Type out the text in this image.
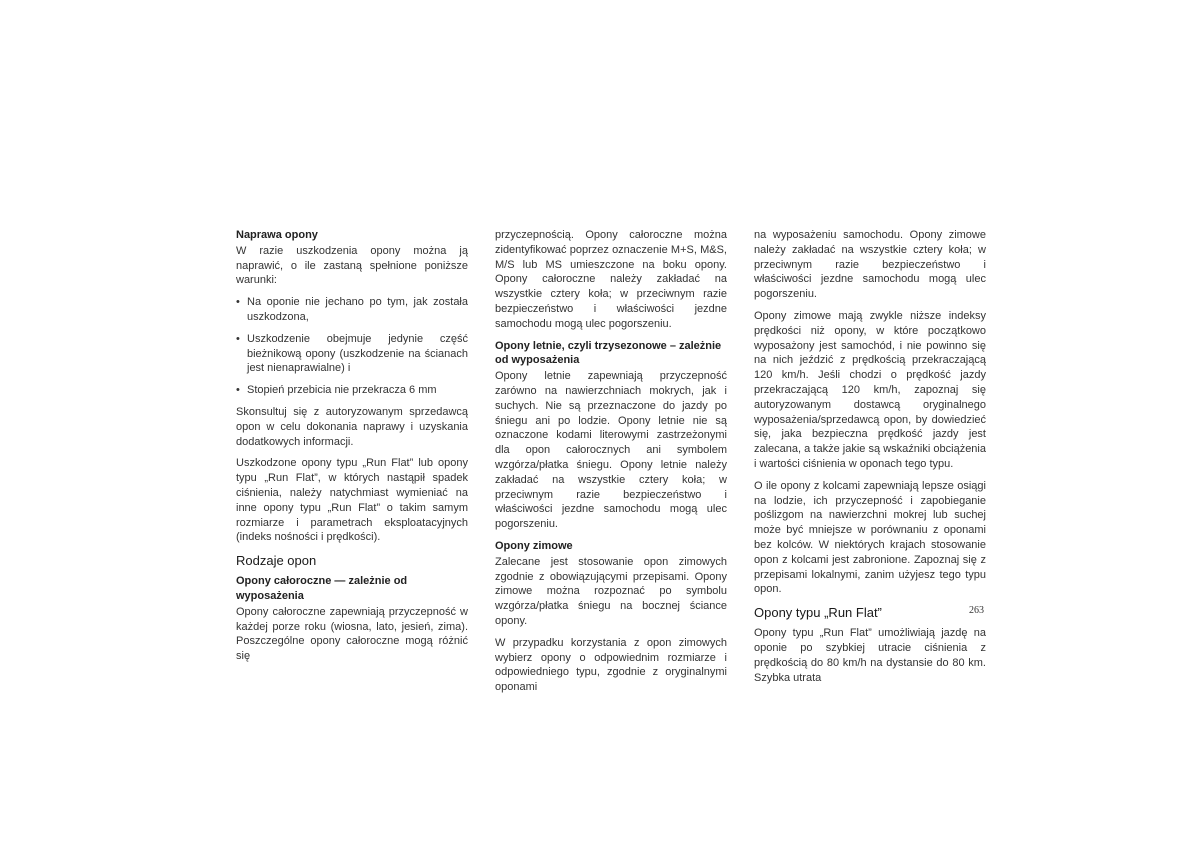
Naprawa opony

W razie uszkodzenia opony można ją naprawić, o ile zastaną spełnione poniższe warunki:

• Na oponie nie jechano po tym, jak została uszkodzona,
• Uszkodzenie obejmuje jedynie część bieżnikową opony (uszkodzenie na ścianach jest nienaprawialne) i
• Stopień przebicia nie przekracza 6 mm

Skonsultuj się z autoryzowanym sprzedawcą opon w celu dokonania naprawy i uzyskania dodatkowych informacji.

Uszkodzone opony typu „Run Flat” lub opony typu „Run Flat”, w których nastąpił spadek ciśnienia, należy natychmiast wymieniać na inne opony typu „Run Flat” o takim samym rozmiarze i parametrach eksploatacyjnych (indeks nośności i prędkości).

Rodzaje opon
Opony całoroczne — zależnie od wyposażenia

Opony całoroczne zapewniają przyczepność w każdej porze roku (wiosna, lato, jesień, zima). Poszczególne opony całoroczne mogą różnić się

przyczepnością. Opony całoroczne można zidentyfikować poprzez oznaczenie M+S, M&S, M/S lub MS umieszczone na boku opony. Opony całoroczne należy zakładać na wszystkie cztery koła; w przeciwnym razie bezpieczeństwo i właściwości jezdne samochodu mogą ulec pogorszeniu.

Opony letnie, czyli trzysezonowe – zależnie od wyposażenia

Opony letnie zapewniają przyczepność zarówno na nawierzchniach mokrych, jak i suchych. Nie są przeznaczone do jazdy po śniegu ani po lodzie. Opony letnie nie są oznaczone kodami literowymi zastrzeżonymi dla opon całorocznych ani symbolem wzgórza/płatka śniegu. Opony letnie należy zakładać na wszystkie cztery koła; w przeciwnym razie bezpieczeństwo i właściwości jezdne samochodu mogą ulec pogorszeniu.

Opony zimowe

Zalecane jest stosowanie opon zimowych zgodnie z obowiązującymi przepisami. Opony zimowe można rozpoznać po symbolu wzgórza/płatka śniegu na bocznej ściance opony.

W przypadku korzystania z opon zimowych wybierz opony o odpowiednim rozmiarze i odpowiedniego typu, zgodnie z oryginalnymi oponami

na wyposażeniu samochodu. Opony zimowe należy zakładać na wszystkie cztery koła; w przeciwnym razie bezpieczeństwo i właściwości jezdne samochodu mogą ulec pogorszeniu.

Opony zimowe mają zwykle niższe indeksy prędkości niż opony, w które początkowo wyposażony jest samochód, i nie powinno się na nich jeździć z prędkością przekraczającą 120 km/h. Jeśli chodzi o prędkość jazdy przekraczającą 120 km/h, zapoznaj się autoryzowanym dostawcą oryginalnego wyposażenia/sprzedawcą opon, by dowiedzieć się, jaka bezpieczna prędkość jazdy jest zalecana, a także jakie są wskaźniki obciążenia i wartości ciśnienia w oponach tego typu.

O ile opony z kolcami zapewniają lepsze osiągi na lodzie, ich przyczepność i zapobieganie poślizgom na nawierzchni mokrej lub suchej może być mniejsze w porównaniu z oponami bez kolców. W niektórych krajach stosowanie opon z kolcami jest zabronione. Zapoznaj się z przepisami lokalnymi, zanim użyjesz tego typu opon.

Opony typu „Run Flat”

Opony typu „Run Flat” umożliwiają jazdę na oponie po szybkiej utracie ciśnienia z prędkością do 80 km/h na dystansie do 80 km. Szybka utrata

263
